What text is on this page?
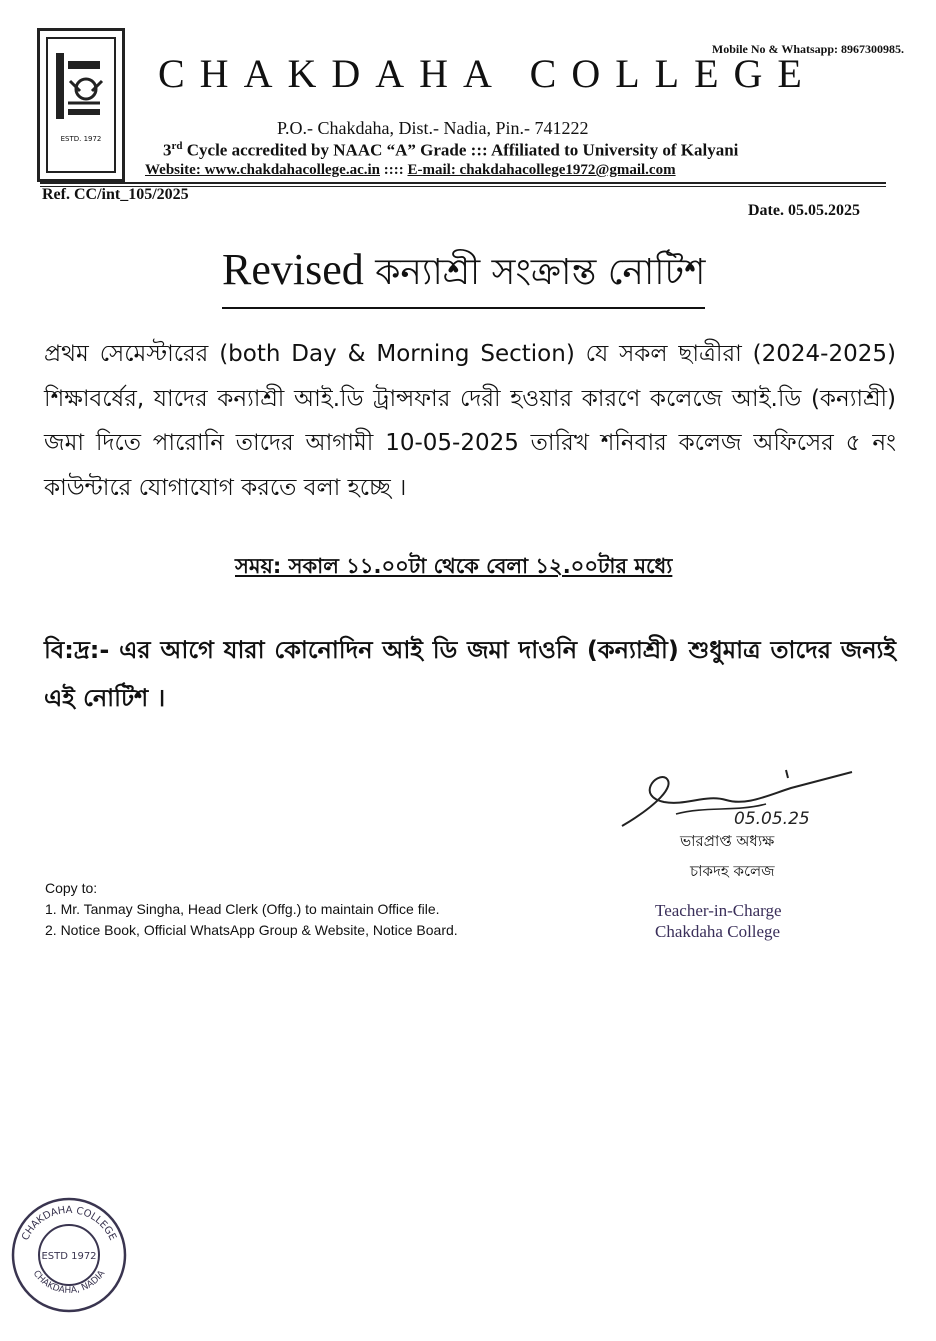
ESTD. 1972
Mobile No & Whatsapp: 8967300985.
CHAKDAHA COLLEGE
P.O.- Chakdaha, Dist.- Nadia, Pin.- 741222
3rd Cycle accredited by NAAC “A” Grade ::: Affiliated to University of Kalyani
Website: www.chakdahacollege.ac.in :::: E-mail: chakdahacollege1972@gmail.com
Ref. CC/int_105/2025
Date. 05.05.2025
Revised কন্যাশ্রী সংক্রান্ত নোটিশ
প্রথম সেমেস্টারের (both Day & Morning Section) যে সকল ছাত্রীরা (2024-2025) শিক্ষাবর্ষের, যাদের কন্যাশ্রী আই.ডি ট্রান্সফার দেরী হওয়ার কারণে কলেজে আই.ডি (কন্যাশ্রী) জমা দিতে পারোনি তাদের আগামী 10-05-2025 তারিখ শনিবার কলেজ অফিসের ৫ নং কাউন্টারে যোগাযোগ করতে বলা হচ্ছে ।
সময়: সকাল ১১.০০টা থেকে বেলা ১২.০০টার মধ্যে
বি:দ্র:- এর আগে যারা কোনোদিন আই ডি জমা দাওনি (কন্যাশ্রী) শুধুমাত্র তাদের জন্যই এই নোটিশ ।
05.05.25
ভারপ্রাপ্ত অধ্যক্ষ
চাকদহ কলেজ
Copy to:
1. Mr. Tanmay Singha, Head Clerk (Offg.) to maintain Office file.
2. Notice Book, Official WhatsApp Group & Website, Notice Board.
Teacher-in-Charge
Chakdaha College
CHAKDAHA COLLEGE
CHAKDAHA, NADIA
ESTD 1972
